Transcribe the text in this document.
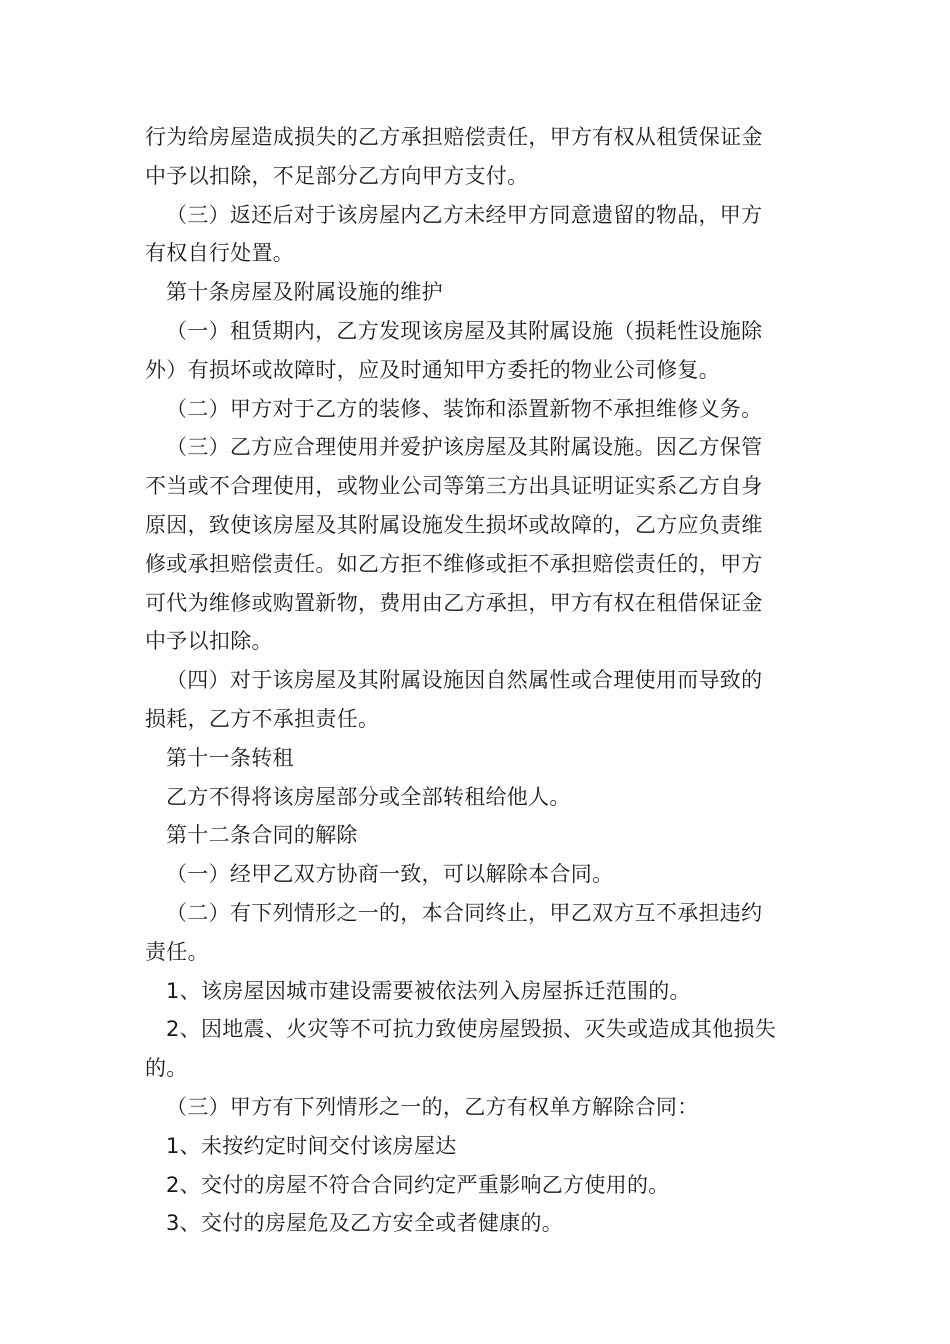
行为给房屋造成损失的乙方承担赔偿责任，甲方有权从租赁保证金
中予以扣除，不足部分乙方向甲方支付。
（三）返还后对于该房屋内乙方未经甲方同意遗留的物品，甲方
有权自行处置。
第十条房屋及附属设施的维护
（一）租赁期内，乙方发现该房屋及其附属设施（损耗性设施除
外）有损坏或故障时，应及时通知甲方委托的物业公司修复。
（二）甲方对于乙方的装修、装饰和添置新物不承担维修义务。
（三）乙方应合理使用并爱护该房屋及其附属设施。因乙方保管
不当或不合理使用，或物业公司等第三方出具证明证实系乙方自身
原因，致使该房屋及其附属设施发生损坏或故障的，乙方应负责维
修或承担赔偿责任。如乙方拒不维修或拒不承担赔偿责任的，甲方
可代为维修或购置新物，费用由乙方承担，甲方有权在租借保证金
中予以扣除。
（四）对于该房屋及其附属设施因自然属性或合理使用而导致的
损耗，乙方不承担责任。
第十一条转租
乙方不得将该房屋部分或全部转租给他人。
第十二条合同的解除
（一）经甲乙双方协商一致，可以解除本合同。
（二）有下列情形之一的，本合同终止，甲乙双方互不承担违约
责任。
1、该房屋因城市建设需要被依法列入房屋拆迁范围的。
2、因地震、火灾等不可抗力致使房屋毁损、灭失或造成其他损失
的。
（三）甲方有下列情形之一的，乙方有权单方解除合同：
1、未按约定时间交付该房屋达
2、交付的房屋不符合合同约定严重影响乙方使用的。
3、交付的房屋危及乙方安全或者健康的。
